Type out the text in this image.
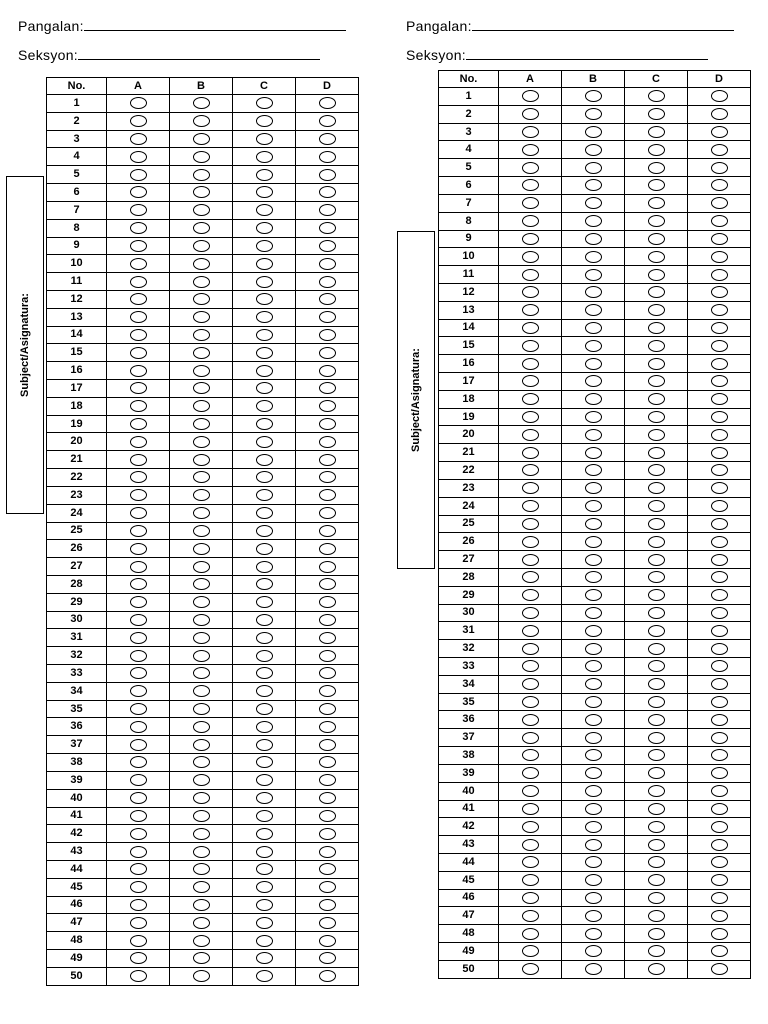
Pangalan:
Seksyon:
Subject/Asignatura:
No.	A	B	C	D
1				
2				
3				
4				
5				
6				
7				
8				
9				
10				
11				
12				
13				
14				
15				
16				
17				
18				
19				
20				
21				
22				
23				
24				
25				
26				
27				
28				
29				
30				
31				
32				
33				
34				
35				
36				
37				
38				
39				
40				
41				
42				
43				
44				
45				
46				
47				
48				
49				
50				
Pangalan:
Seksyon:
Subject/Asignatura:
No.	A	B	C	D
1				
2				
3				
4				
5				
6				
7				
8				
9				
10				
11				
12				
13				
14				
15				
16				
17				
18				
19				
20				
21				
22				
23				
24				
25				
26				
27				
28				
29				
30				
31				
32				
33				
34				
35				
36				
37				
38				
39				
40				
41				
42				
43				
44				
45				
46				
47				
48				
49				
50				
